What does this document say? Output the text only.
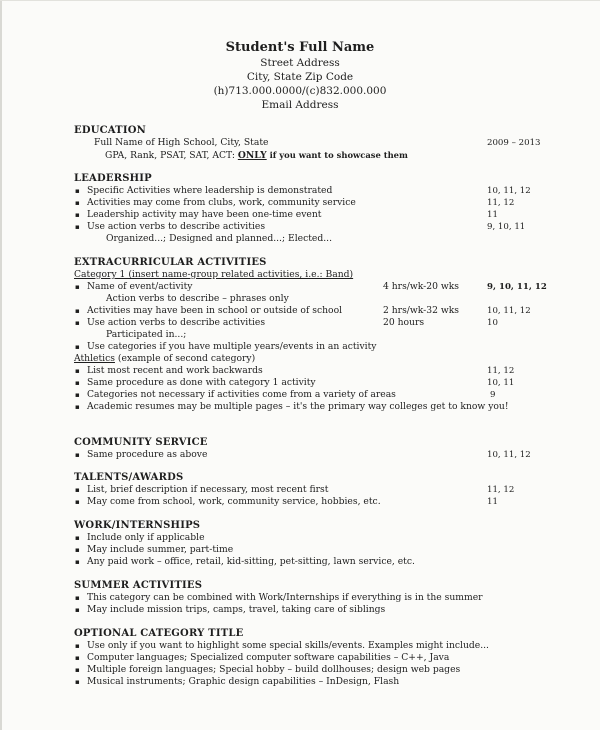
Student's Full Name
Street Address
City, State Zip Code
(h)713.000.0000/(c)832.000.000
Email Address
EDUCATION
Full Name of High School, City, State	2009 – 2013
GPA, Rank, PSAT, SAT, ACT: ONLY if you want to showcase them
LEADERSHIP
▪ Specific Activities where leadership is demonstrated	10, 11, 12
▪ Activities may come from clubs, work, community service	11, 12
▪ Leadership activity may have been one-time event	11
▪ Use action verbs to describe activities	9, 10, 11
Organized...; Designed and planned...; Elected...
EXTRACURRICULAR ACTIVITIES
Category 1 (insert name-group related activities, i.e.: Band)
▪ Name of event/activity	4 hrs/wk-20 wks	9, 10, 11, 12
Action verbs to describe – phrases only
▪ Activities may have been in school or outside of school	2 hrs/wk-32 wks	10, 11, 12
▪ Use action verbs to describe activities	20 hours	10
Participated in...;
▪ Use categories if you have multiple years/events in an activity
Athletics (example of second category)
▪ List most recent and work backwards	11, 12
▪ Same procedure as done with category 1 activity	10, 11
▪ Categories not necessary if activities come from a variety of areas	9
▪ Academic resumes may be multiple pages – it's the primary way colleges get to know you!
COMMUNITY SERVICE
▪ Same procedure as above	10, 11, 12
TALENTS/AWARDS
▪ List, brief description if necessary, most recent first	11, 12
▪ May come from school, work, community service, hobbies, etc.	11
WORK/INTERNSHIPS
▪ Include only if applicable
▪ May include summer, part-time
▪ Any paid work – office, retail, kid-sitting, pet-sitting, lawn service, etc.
SUMMER ACTIVITIES
▪ This category can be combined with Work/Internships if everything is in the summer
▪ May include mission trips, camps, travel, taking care of siblings
OPTIONAL CATEGORY TITLE
▪ Use only if you want to highlight some special skills/events. Examples might include...
▪ Computer languages; Specialized computer software capabilities – C++, Java
▪ Multiple foreign languages; Special hobby – build dollhouses; design web pages
▪ Musical instruments; Graphic design capabilities – InDesign, Flash
